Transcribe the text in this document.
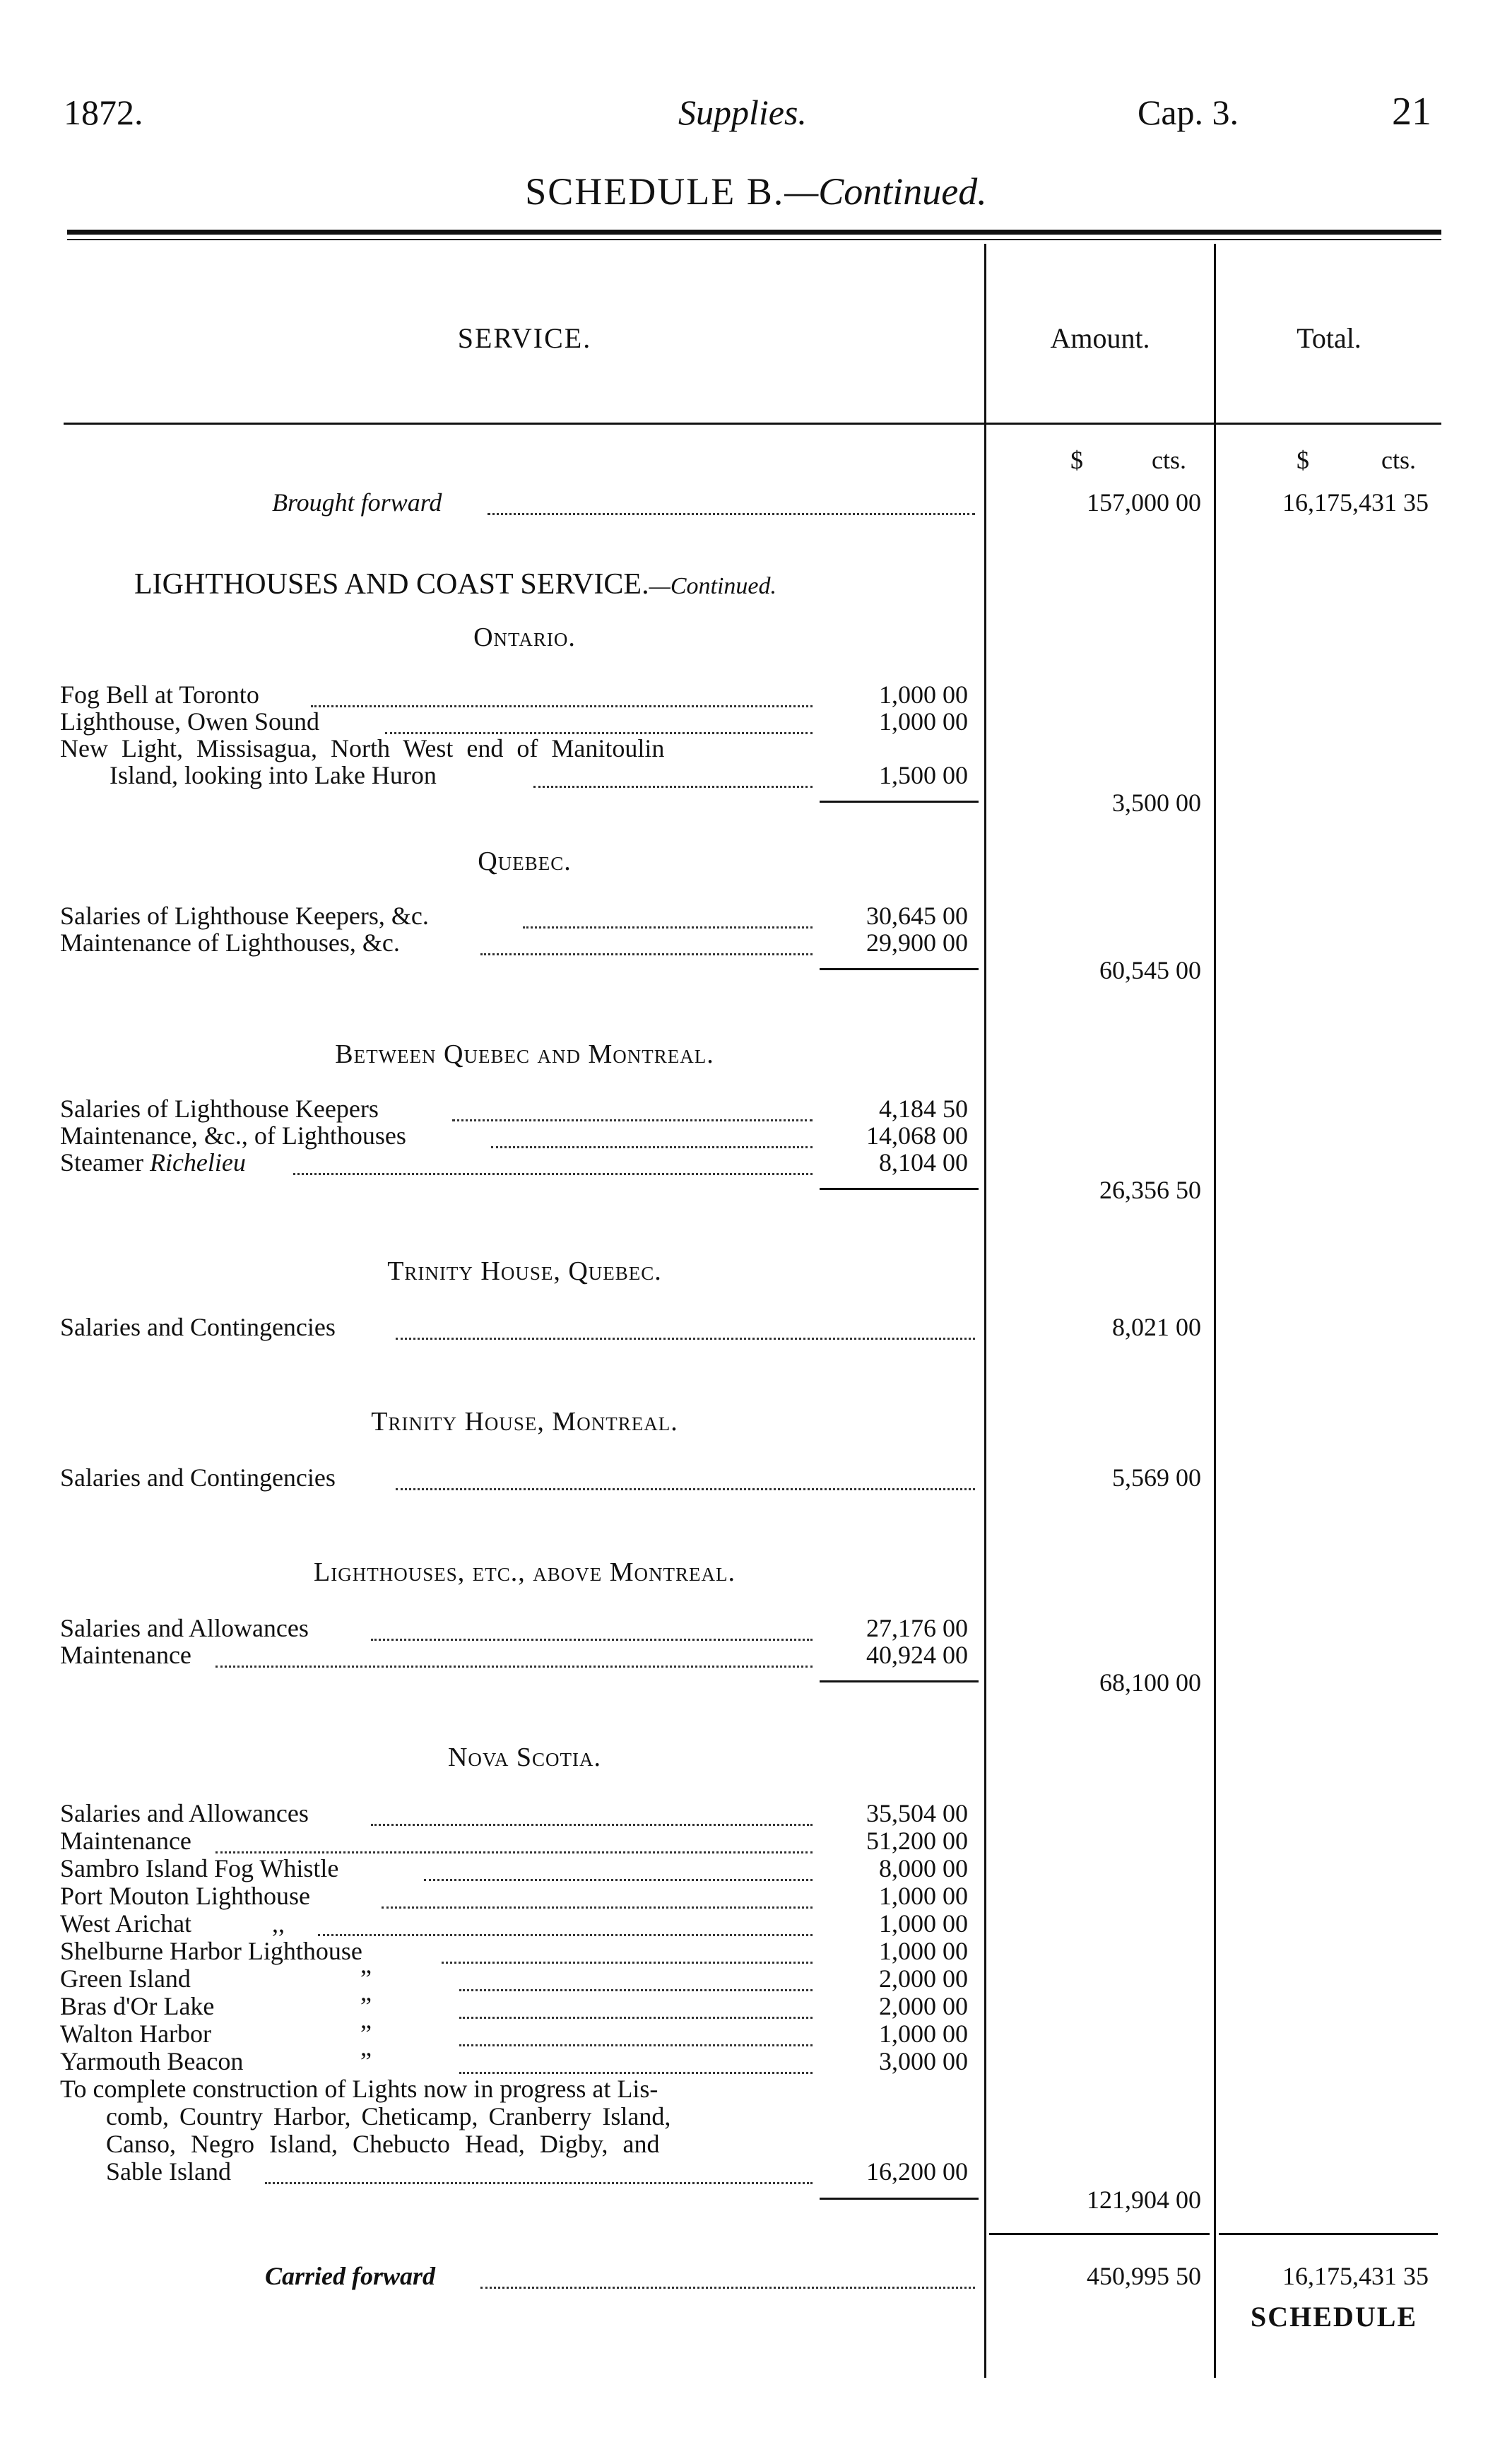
1872.	Supplies.	Cap. 3.	21
SCHEDULE B.—Continued.
SERVICE.	Amount.	Total.
$	cts.	$	cts.
Brought forward	157,000 00	16,175,431 35
LIGHTHOUSES AND COAST SERVICE.—Continued.
Ontario.
Fog Bell at Toronto	1,000 00
Lighthouse, Owen Sound	1,000 00
New Light, Missisagua, North West end of Manitoulin
Island, looking into Lake Huron	1,500 00
3,500 00
Quebec.
Salaries of Lighthouse Keepers, &c.	30,645 00
Maintenance of Lighthouses, &c.	29,900 00
60,545 00
Between Quebec and Montreal.
Salaries of Lighthouse Keepers	4,184 50
Maintenance, &c., of Lighthouses	14,068 00
Steamer Richelieu	8,104 00
26,356 50
Trinity House, Quebec.
Salaries and Contingencies	8,021 00
Trinity House, Montreal.
Salaries and Contingencies	5,569 00
Lighthouses, etc., above Montreal.
Salaries and Allowances	27,176 00
Maintenance	40,924 00
68,100 00
Nova Scotia.
Salaries and Allowances	35,504 00
Maintenance	51,200 00
Sambro Island Fog Whistle	8,000 00
Port Mouton Lighthouse	1,000 00
West Arichat	,,	1,000 00
Shelburne Harbor Lighthouse	1,000 00
Green Island	”	2,000 00
Bras d'Or Lake	”	2,000 00
Walton Harbor	”	1,000 00
Yarmouth Beacon	”	3,000 00
To complete construction of Lights now in progress at Lis-
comb, Country Harbor, Cheticamp, Cranberry Island,
Canso, Negro Island, Chebucto Head, Digby, and
Sable Island	16,200 00
121,904 00
Carried forward	450,995 50	16,175,431 35
SCHEDULE
